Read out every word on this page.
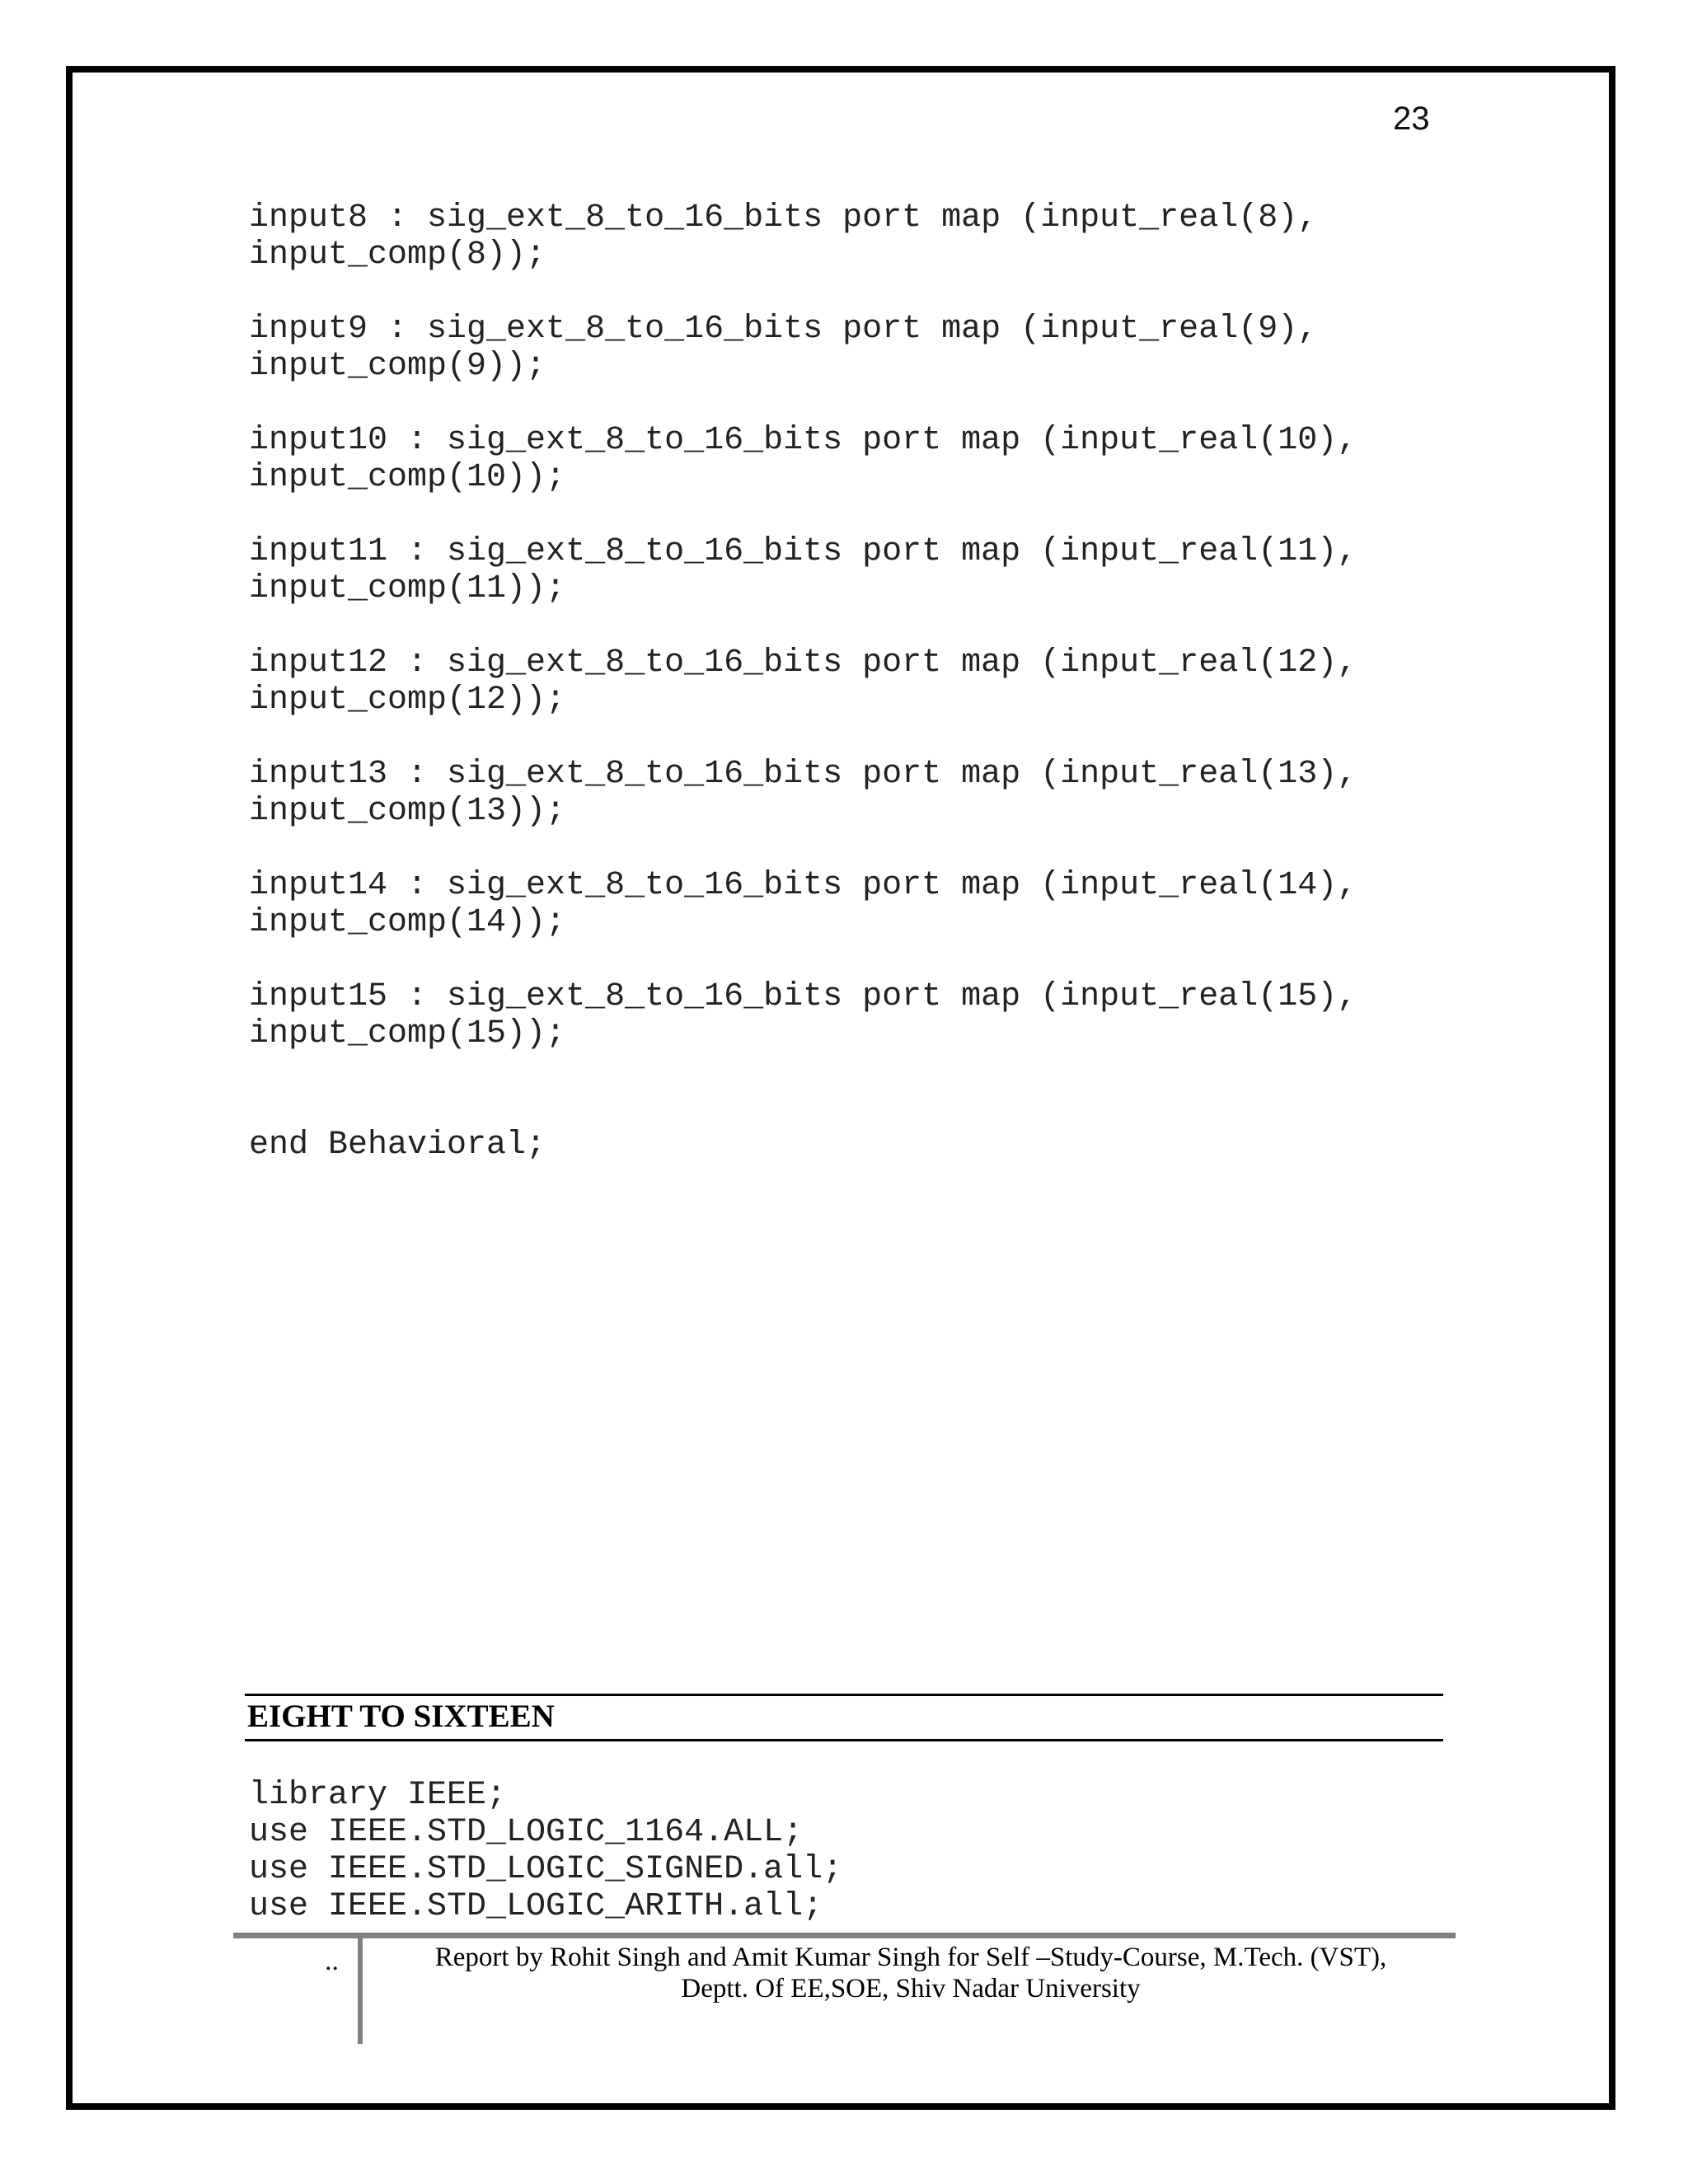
23
input8 : sig_ext_8_to_16_bits port map (input_real(8),
input_comp(8));

input9 : sig_ext_8_to_16_bits port map (input_real(9),
input_comp(9));

input10 : sig_ext_8_to_16_bits port map (input_real(10),
input_comp(10));

input11 : sig_ext_8_to_16_bits port map (input_real(11),
input_comp(11));

input12 : sig_ext_8_to_16_bits port map (input_real(12),
input_comp(12));

input13 : sig_ext_8_to_16_bits port map (input_real(13),
input_comp(13));

input14 : sig_ext_8_to_16_bits port map (input_real(14),
input_comp(14));

input15 : sig_ext_8_to_16_bits port map (input_real(15),
input_comp(15));

end Behavioral;
EIGHT TO SIXTEEN
library IEEE;
use IEEE.STD_LOGIC_1164.ALL;
use IEEE.STD_LOGIC_SIGNED.all;
use IEEE.STD_LOGIC_ARITH.all;
..	Report by Rohit Singh and Amit Kumar Singh for Self –Study-Course, M.Tech. (VST),
Deptt. Of EE,SOE, Shiv Nadar University
